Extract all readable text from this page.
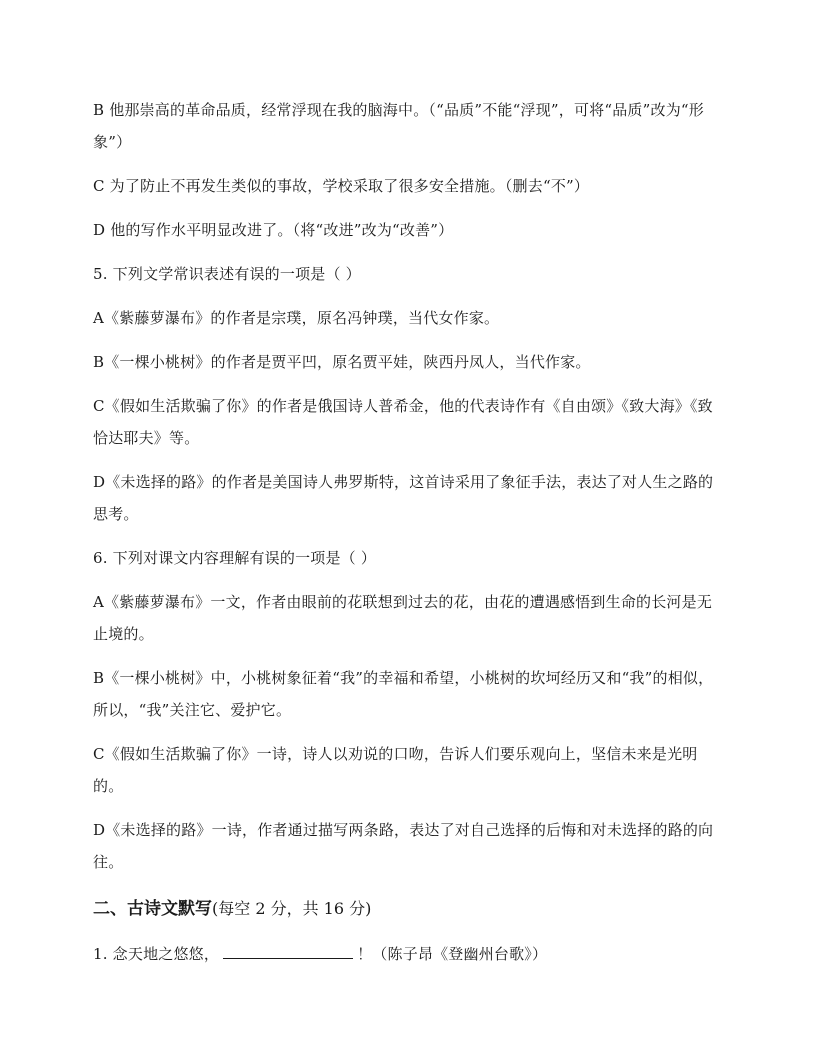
B 他那崇高的革命品质，经常浮现在我的脑海中。（“品质”不能“浮现”，可将“品质”改为“形象”）

C 为了防止不再发生类似的事故，学校采取了很多安全措施。（删去“不”）

D 他的写作水平明显改进了。（将“改进”改为“改善”）

5. 下列文学常识表述有误的一项是（ ）

A《紫藤萝瀑布》的作者是宗璞，原名冯钟璞，当代女作家。

B《一棵小桃树》的作者是贾平凹，原名贾平娃，陕西丹凤人，当代作家。

C《假如生活欺骗了你》的作者是俄国诗人普希金，他的代表诗作有《自由颂》《致大海》《致恰达耶夫》等。

D《未选择的路》的作者是美国诗人弗罗斯特，这首诗采用了象征手法，表达了对人生之路的思考。

6. 下列对课文内容理解有误的一项是（ ）

A《紫藤萝瀑布》一文，作者由眼前的花联想到过去的花，由花的遭遇感悟到生命的长河是无止境的。

B《一棵小桃树》中，小桃树象征着“我”的幸福和希望，小桃树的坎坷经历又和“我”的相似，所以，“我”关注它、爱护它。

C《假如生活欺骗了你》一诗，诗人以劝说的口吻，告诉人们要乐观向上，坚信未来是光明的。

D《未选择的路》一诗，作者通过描写两条路，表达了对自己选择的后悔和对未选择的路的向往。

二、古诗文默写(每空 2 分，共 16 分)

1. 念天地之悠悠，	！（陈子昂《登幽州台歌》）
